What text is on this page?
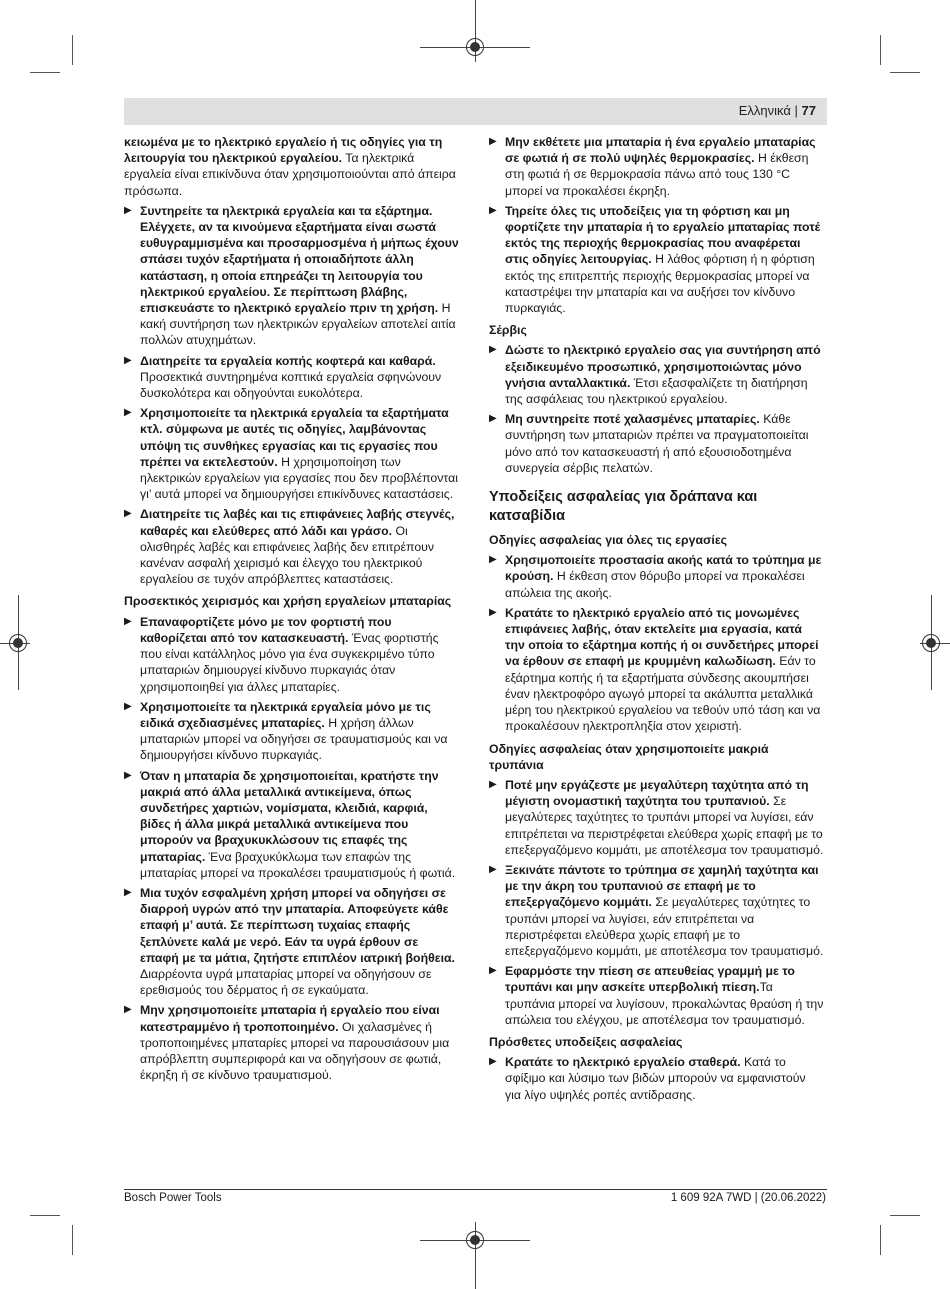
Ελληνικά | 77

κειωμένα με το ηλεκτρικό εργαλείο ή τις οδηγίες για τη λειτουργία του ηλεκτρικού εργαλείου. Τα ηλεκτρικά εργαλεία είναι επικίνδυνα όταν χρησιμοποιούνται από άπειρα πρόσωπα.

▶ Συντηρείτε τα ηλεκτρικά εργαλεία και τα εξάρτημα. Ελέγχετε, αν τα κινούμενα εξαρτήματα είναι σωστά ευθυγραμμισμένα και προσαρμοσμένα ή μήπως έχουν σπάσει τυχόν εξαρτήματα ή οποιαδήποτε άλλη κατάσταση, η οποία επηρεάζει τη λειτουργία του ηλεκτρικού εργαλείου. Σε περίπτωση βλάβης, επισκευάστε το ηλεκτρικό εργαλείο πριν τη χρήση. Η κακή συντήρηση των ηλεκτρικών εργαλείων αποτελεί αιτία πολλών ατυχημάτων.
▶ Διατηρείτε τα εργαλεία κοπής κοφτερά και καθαρά. Προσεκτικά συντηρημένα κοπτικά εργαλεία σφηνώνουν δυσκολότερα και οδηγούνται ευκολότερα.
▶ Χρησιμοποιείτε τα ηλεκτρικά εργαλεία τα εξαρτήματα κτλ. σύμφωνα με αυτές τις οδηγίες, λαμβάνοντας υπόψη τις συνθήκες εργασίας και τις εργασίες που πρέπει να εκτελεστούν. Η χρησιμοποίηση των ηλεκτρικών εργαλείων για εργασίες που δεν προβλέπονται γι’ αυτά μπορεί να δημιουργήσει επικίνδυνες καταστάσεις.
▶ Διατηρείτε τις λαβές και τις επιφάνειες λαβής στεγνές, καθαρές και ελεύθερες από λάδι και γράσο. Οι ολισθηρές λαβές και επιφάνειες λαβής δεν επιτρέπουν κανέναν ασφαλή χειρισμό και έλεγχο του ηλεκτρικού εργαλείου σε τυχόν απρόβλεπτες καταστάσεις.
Προσεκτικός χειρισμός και χρήση εργαλείων μπαταρίας
▶ Επαναφορτίζετε μόνο με τον φορτιστή που καθορίζεται από τον κατασκευαστή. Ένας φορτιστής που είναι κατάλληλος μόνο για ένα συγκεκριμένο τύπο μπαταριών δημιουργεί κίνδυνο πυρκαγιάς όταν χρησιμοποιηθεί για άλλες μπαταρίες.
▶ Χρησιμοποιείτε τα ηλεκτρικά εργαλεία μόνο με τις ειδικά σχεδιασμένες μπαταρίες. Η χρήση άλλων μπαταριών μπορεί να οδηγήσει σε τραυματισμούς και να δημιουργήσει κίνδυνο πυρκαγιάς.
▶ Όταν η μπαταρία δε χρησιμοποιείται, κρατήστε την μακριά από άλλα μεταλλικά αντικείμενα, όπως συνδετήρες χαρτιών, νομίσματα, κλειδιά, καρφιά, βίδες ή άλλα μικρά μεταλλικά αντικείμενα που μπορούν να βραχυκυκλώσουν τις επαφές της μπαταρίας. Ένα βραχυκύκλωμα των επαφών της μπαταρίας μπορεί να προκαλέσει τραυματισμούς ή φωτιά.
▶ Μια τυχόν εσφαλμένη χρήση μπορεί να οδηγήσει σε διαρροή υγρών από την μπαταρία. Αποφεύγετε κάθε επαφή μ’ αυτά. Σε περίπτωση τυχαίας επαφής ξεπλύνετε καλά με νερό. Εάν τα υγρά έρθουν σε επαφή με τα μάτια, ζητήστε επιπλέον ιατρική βοήθεια. Διαρρέοντα υγρά μπαταρίας μπορεί να οδηγήσουν σε ερεθισμούς του δέρματος ή σε εγκαύματα.
▶ Μην χρησιμοποιείτε μπαταρία ή εργαλείο που είναι κατεστραμμένο ή τροποποιημένο. Οι χαλασμένες ή τροποποιημένες μπαταρίες μπορεί να παρουσιάσουν μια απρόβλεπτη συμπεριφορά και να οδηγήσουν σε φωτιά, έκρηξη ή σε κίνδυνο τραυματισμού.
▶ Μην εκθέτετε μια μπαταρία ή ένα εργαλείο μπαταρίας σε φωτιά ή σε πολύ υψηλές θερμοκρασίες. Η έκθεση στη φωτιά ή σε θερμοκρασία πάνω από τους 130 °C μπορεί να προκαλέσει έκρηξη.
▶ Τηρείτε όλες τις υποδείξεις για τη φόρτιση και μη φορτίζετε την μπαταρία ή το εργαλείο μπαταρίας ποτέ εκτός της περιοχής θερμοκρασίας που αναφέρεται στις οδηγίες λειτουργίας. Η λάθος φόρτιση ή η φόρτιση εκτός της επιτρεπτής περιοχής θερμοκρασίας μπορεί να καταστρέψει την μπαταρία και να αυξήσει τον κίνδυνο πυρκαγιάς.
Σέρβις
▶ Δώστε το ηλεκτρικό εργαλείο σας για συντήρηση από εξειδικευμένο προσωπικό, χρησιμοποιώντας μόνο γνήσια ανταλλακτικά. Έτσι εξασφαλίζετε τη διατήρηση της ασφάλειας του ηλεκτρικού εργαλείου.
▶ Μη συντηρείτε ποτέ χαλασμένες μπαταρίες. Κάθε συντήρηση των μπαταριών πρέπει να πραγματοποιείται μόνο από τον κατασκευαστή ή από εξουσιοδοτημένα συνεργεία σέρβις πελατών.
Υποδείξεις ασφαλείας για δράπανα και κατσαβίδια
Οδηγίες ασφαλείας για όλες τις εργασίες
▶ Χρησιμοποιείτε προστασία ακοής κατά το τρύπημα με κρούση. Η έκθεση στον θόρυβο μπορεί να προκαλέσει απώλεια της ακοής.
▶ Κρατάτε το ηλεκτρικό εργαλείο από τις μονωμένες επιφάνειες λαβής, όταν εκτελείτε μια εργασία, κατά την οποία το εξάρτημα κοπής ή οι συνδετήρες μπορεί να έρθουν σε επαφή με κρυμμένη καλωδίωση. Εάν το εξάρτημα κοπής ή τα εξαρτήματα σύνδεσης ακουμπήσει έναν ηλεκτροφόρο αγωγό μπορεί τα ακάλυπτα μεταλλικά μέρη του ηλεκτρικού εργαλείου να τεθούν υπό τάση και να προκαλέσουν ηλεκτροπληξία στον χειριστή.
Οδηγίες ασφαλείας όταν χρησιμοποιείτε μακριά τρυπάνια
▶ Ποτέ μην εργάζεστε με μεγαλύτερη ταχύτητα από τη μέγιστη ονομαστική ταχύτητα του τρυπανιού. Σε μεγαλύτερες ταχύτητες το τρυπάνι μπορεί να λυγίσει, εάν επιτρέπεται να περιστρέφεται ελεύθερα χωρίς επαφή με το επεξεργαζόμενο κομμάτι, με αποτέλεσμα τον τραυματισμό.
▶ Ξεκινάτε πάντοτε το τρύπημα σε χαμηλή ταχύτητα και με την άκρη του τρυπανιού σε επαφή με το επεξεργαζόμενο κομμάτι. Σε μεγαλύτερες ταχύτητες το τρυπάνι μπορεί να λυγίσει, εάν επιτρέπεται να περιστρέφεται ελεύθερα χωρίς επαφή με το επεξεργαζόμενο κομμάτι, με αποτέλεσμα τον τραυματισμό.
▶ Εφαρμόστε την πίεση σε απευθείας γραμμή με το τρυπάνι και μην ασκείτε υπερβολική πίεση.Τα τρυπάνια μπορεί να λυγίσουν, προκαλώντας θραύση ή την απώλεια του ελέγχου, με αποτέλεσμα τον τραυματισμό.
Πρόσθετες υποδείξεις ασφαλείας
▶ Κρατάτε το ηλεκτρικό εργαλείο σταθερά. Κατά το σφίξιμο και λύσιμο των βιδών μπορούν να εμφανιστούν για λίγο υψηλές ροπές αντίδρασης.
Bosch Power Tools	1 609 92A 7WD | (20.06.2022)
